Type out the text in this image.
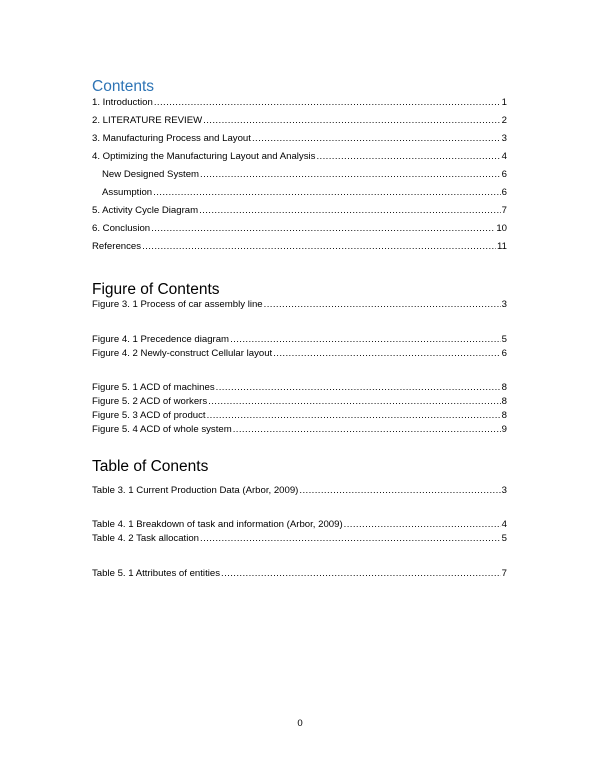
Contents
1. Introduction .....	1
2. LITERATURE REVIEW .....	2
3. Manufacturing Process and Layout .....	3
4. Optimizing the Manufacturing Layout and Analysis .....	4
New Designed System .....	6
Assumption .....	6
5. Activity Cycle Diagram .....	7
6. Conclusion .....	10
References .....	11
Figure of Contents
Figure 3. 1 Process of car assembly line .....	3
Figure 4. 1 Precedence diagram .....	5
Figure 4. 2 Newly-construct Cellular layout .....	6
Figure 5. 1 ACD of machines .....	8
Figure 5. 2 ACD of workers .....	8
Figure 5. 3 ACD of product .....	8
Figure 5. 4 ACD of whole system .....	9
Table of Conents
Table 3. 1 Current Production Data (Arbor, 2009) .....	3
Table 4. 1 Breakdown of task and information (Arbor, 2009) .....	4
Table 4. 2 Task allocation .....	5
Table 5. 1 Attributes of entities .....	7
0
